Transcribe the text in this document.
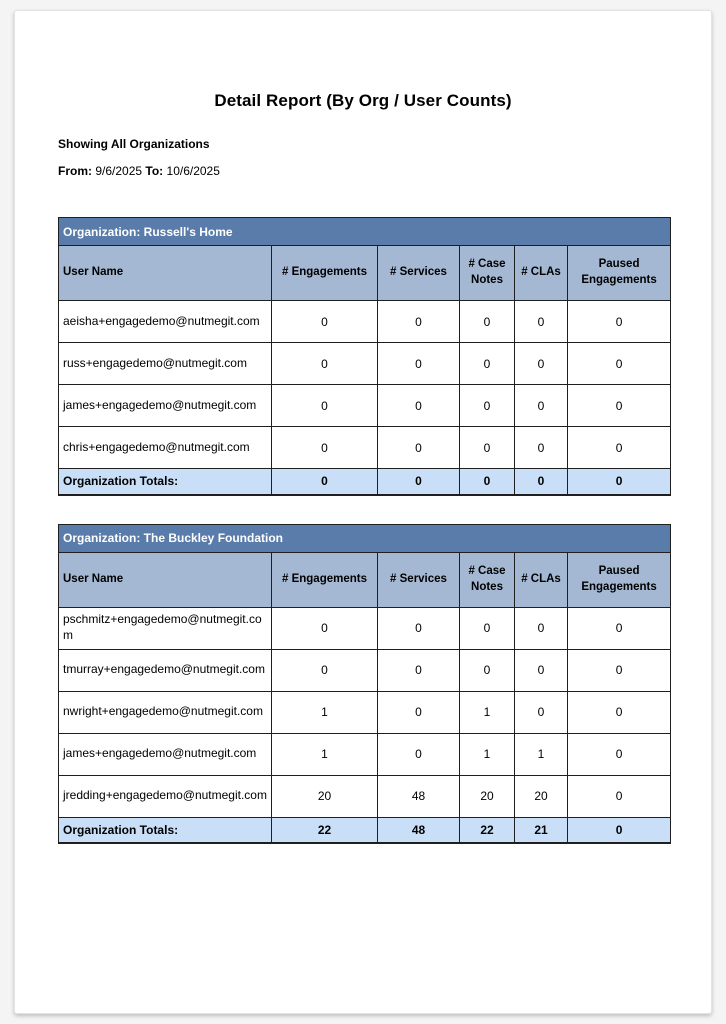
Detail Report (By Org / User Counts)

Showing All Organizations

From: 9/6/2025 To: 10/6/2025

Organization: Russell's Home					
User Name	# Engagements	# Services	# Case Notes	# CLAs	Paused Engagements
aeisha+engagedemo@nutmegit.com	0	0	0	0	0
russ+engagedemo@nutmegit.com	0	0	0	0	0
james+engagedemo@nutmegit.com	0	0	0	0	0
chris+engagedemo@nutmegit.com	0	0	0	0	0
Organization Totals:	0	0	0	0	0
Organization: The Buckley Foundation					
User Name	# Engagements	# Services	# Case Notes	# CLAs	Paused Engagements
pschmitz+engagedemo@nutmegit.com	0	0	0	0	0
tmurray+engagedemo@nutmegit.com	0	0	0	0	0
nwright+engagedemo@nutmegit.com	1	0	1	0	0
james+engagedemo@nutmegit.com	1	0	1	1	0
jredding+engagedemo@nutmegit.com	20	48	20	20	0
Organization Totals:	22	48	22	21	0
